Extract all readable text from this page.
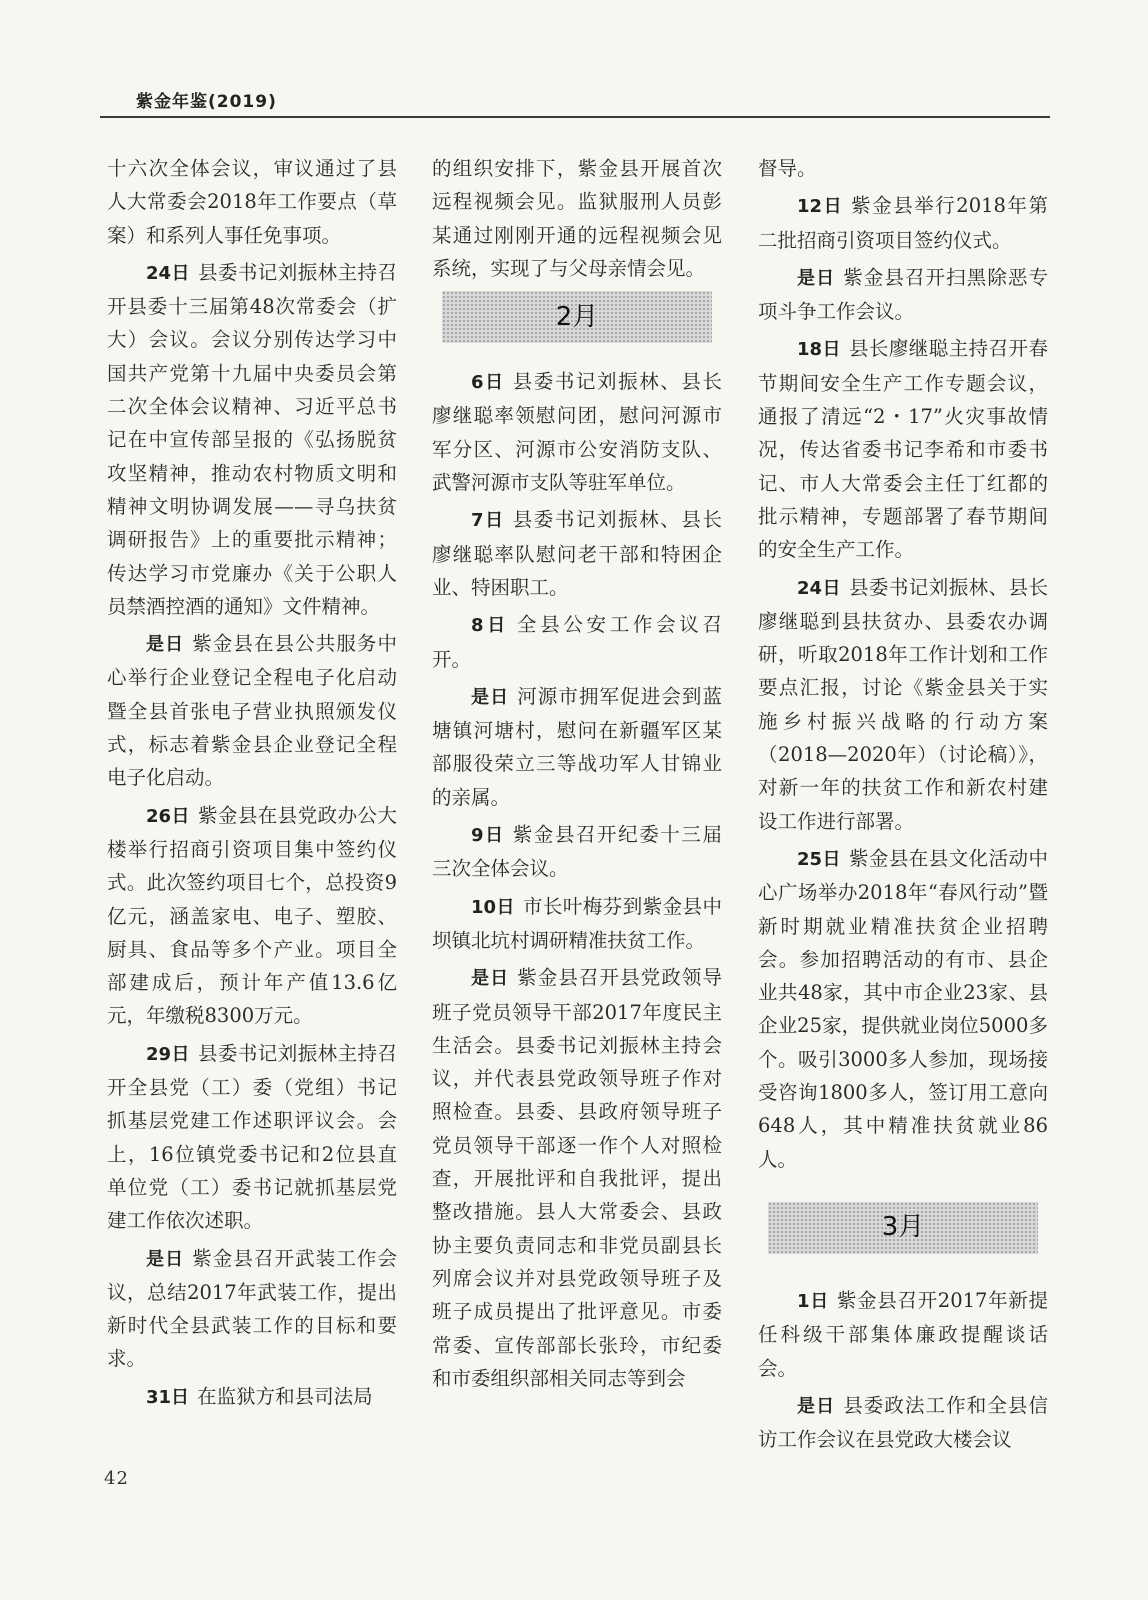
紫金年鉴(2019)

十六次全体会议，审议通过了县人大常委会2018年工作要点（草案）和系列人事任免事项。

24日 县委书记刘振林主持召开县委十三届第48次常委会（扩大）会议。会议分别传达学习中国共产党第十九届中央委员会第二次全体会议精神、习近平总书记在中宣传部呈报的《弘扬脱贫攻坚精神，推动农村物质文明和精神文明协调发展——寻乌扶贫调研报告》上的重要批示精神；传达学习市党廉办《关于公职人员禁酒控酒的通知》文件精神。

是日 紫金县在县公共服务中心举行企业登记全程电子化启动暨全县首张电子营业执照颁发仪式，标志着紫金县企业登记全程电子化启动。

26日 紫金县在县党政办公大楼举行招商引资项目集中签约仪式。此次签约项目七个，总投资9亿元，涵盖家电、电子、塑胶、厨具、食品等多个产业。项目全部建成后，预计年产值13.6亿元，年缴税8300万元。

29日 县委书记刘振林主持召开全县党（工）委（党组）书记抓基层党建工作述职评议会。会上，16位镇党委书记和2位县直单位党（工）委书记就抓基层党建工作依次述职。

是日 紫金县召开武装工作会议，总结2017年武装工作，提出新时代全县武装工作的目标和要求。

31日 在监狱方和县司法局

的组织安排下，紫金县开展首次远程视频会见。监狱服刑人员彭某通过刚刚开通的远程视频会见系统，实现了与父母亲情会见。

2月

6日 县委书记刘振林、县长廖继聪率领慰问团，慰问河源市军分区、河源市公安消防支队、武警河源市支队等驻军单位。

7日 县委书记刘振林、县长廖继聪率队慰问老干部和特困企业、特困职工。

8日 全县公安工作会议召开。

是日 河源市拥军促进会到蓝塘镇河塘村，慰问在新疆军区某部服役荣立三等战功军人甘锦业的亲属。

9日 紫金县召开纪委十三届三次全体会议。

10日 市长叶梅芬到紫金县中坝镇北坑村调研精准扶贫工作。

是日 紫金县召开县党政领导班子党员领导干部2017年度民主生活会。县委书记刘振林主持会议，并代表县党政领导班子作对照检查。县委、县政府领导班子党员领导干部逐一作个人对照检查，开展批评和自我批评，提出整改措施。县人大常委会、县政协主要负责同志和非党员副县长列席会议并对县党政领导班子及班子成员提出了批评意见。市委常委、宣传部部长张玲，市纪委和市委组织部相关同志等到会

督导。

12日 紫金县举行2018年第二批招商引资项目签约仪式。

是日 紫金县召开扫黑除恶专项斗争工作会议。

18日 县长廖继聪主持召开春节期间安全生产工作专题会议，通报了清远“2・17”火灾事故情况，传达省委书记李希和市委书记、市人大常委会主任丁红都的批示精神，专题部署了春节期间的安全生产工作。

24日 县委书记刘振林、县长廖继聪到县扶贫办、县委农办调研，听取2018年工作计划和工作要点汇报，讨论《紫金县关于实施乡村振兴战略的行动方案（2018—2020年）（讨论稿）》，对新一年的扶贫工作和新农村建设工作进行部署。

25日 紫金县在县文化活动中心广场举办2018年“春风行动”暨新时期就业精准扶贫企业招聘会。参加招聘活动的有市、县企业共48家，其中市企业23家、县企业25家，提供就业岗位5000多个。吸引3000多人参加，现场接受咨询1800多人，签订用工意向648人，其中精准扶贫就业86人。

3月

1日 紫金县召开2017年新提任科级干部集体廉政提醒谈话会。

是日 县委政法工作和全县信访工作会议在县党政大楼会议

42
